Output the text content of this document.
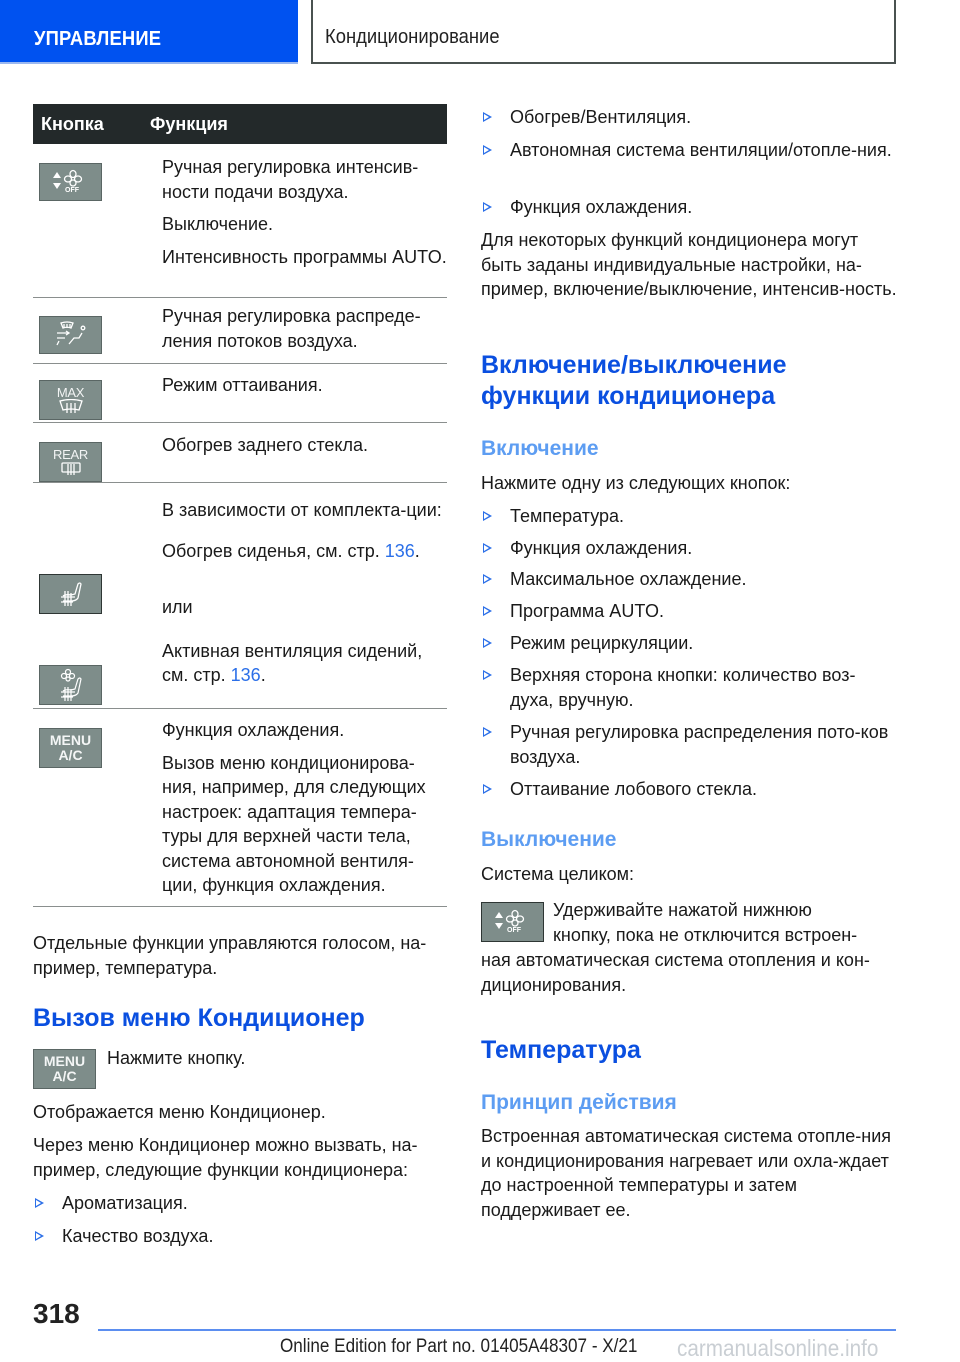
УПРАВЛЕНИЕ	Кондиционирование
Кнопка	Функция
OFF

Ручная регулировка интенсив-ности подачи воздуха.

Выключение.

Интенсивность программы AUTO.

Ручная регулировка распреде-ления потоков воздуха.

MAX	Режим оттаивания.

REAR	Обогрев заднего стекла.

В зависимости от комплекта-ции:

Обогрев сиденья, см. стр. 136.

или

Активная вентиляция сидений, см. стр. 136.

MENU
A/C

Функция охлаждения.

Вызов меню кондиционирова-ния, например, для следующих настроек: адаптация темпера-туры для верхней части тела, система автономной вентиля-ции, функция охлаждения.

Отдельные функции управляются голосом, на-пример, температура.
Вызов меню Кондиционер
MENU
A/C
Нажмите кнопку.
Отображается меню Кондиционер.
Через меню Кондиционер можно вызвать, на-пример, следующие функции кондиционера:
Ароматизация.
Качество воздуха.
Обогрев/Вентиляция.
Автономная система вентиляции/отопле-ния.
Функция охлаждения.
Для некоторых функций кондиционера могут быть заданы индивидуальные настройки, на-пример, включение/выключение, интенсив-ность.
Включение/выключение функции кондиционера
Включение
Нажмите одну из следующих кнопок:
Температура.
Функция охлаждения.
Максимальное охлаждение.
Программа AUTO.
Режим рециркуляции.
Верхняя сторона кнопки: количество воз-духа, вручную.
Ручная регулировка распределения пото-ков воздуха.
Оттаивание лобового стекла.
Выключение
Система целиком:
OFF
Удерживайте нажатой нижнюю
кнопку, пока не отключится встроен-
ная автоматическая система отопления и кон-диционирования.
Температура
Принцип действия
Встроенная автоматическая система отопле-ния и кондиционирования нагревает или охла-ждает до настроенной температуры и затем поддерживает ее.
318
Online Edition for Part no. 01405A48307 - X/21 carmanualsonline.info
